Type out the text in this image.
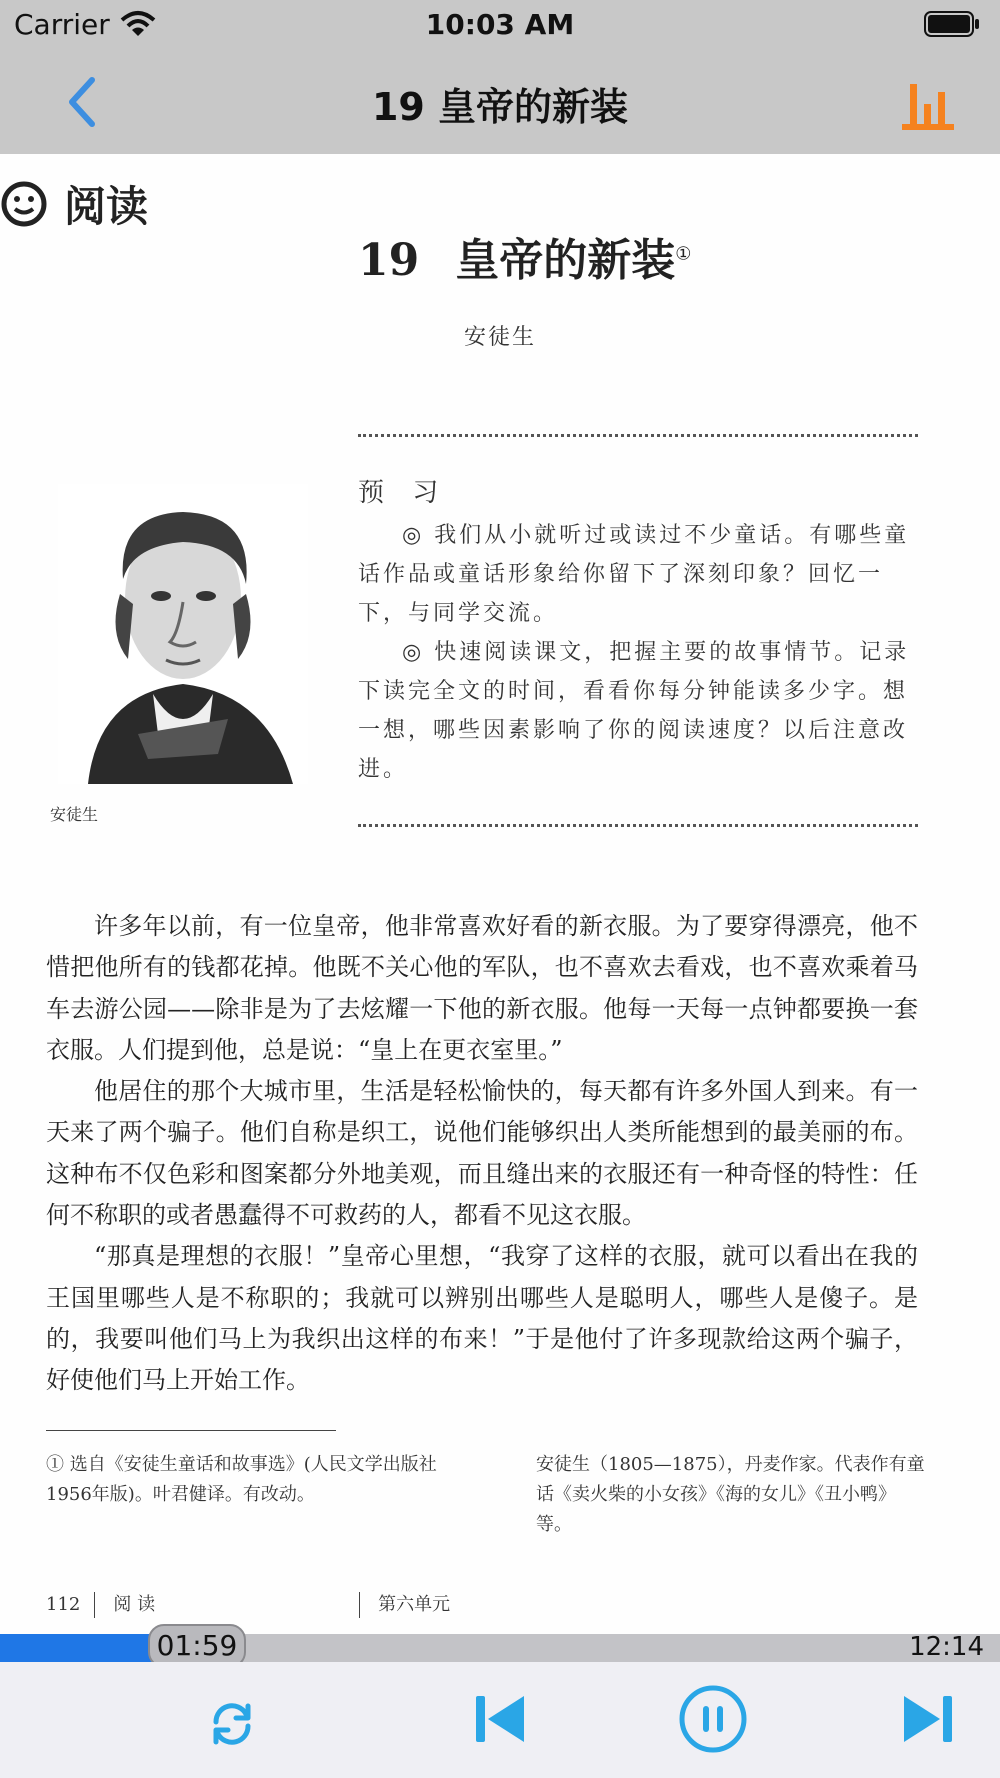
Carrier	10:03 AM
19 皇帝的新装
阅读
19 皇帝的新装①
安徒生
预 习

◎ 我们从小就听过或读过不少童话。有哪些童话作品或童话形象给你留下了深刻印象？回忆一下，与同学交流。

◎ 快速阅读课文，把握主要的故事情节。记录下读完全文的时间，看看你每分钟能读多少字。想一想，哪些因素影响了你的阅读速度？以后注意改进。

安徒生

许多年以前，有一位皇帝，他非常喜欢好看的新衣服。为了要穿得漂亮，他不惜把他所有的钱都花掉。他既不关心他的军队，也不喜欢去看戏，也不喜欢乘着马车去游公园——除非是为了去炫耀一下他的新衣服。他每一天每一点钟都要换一套衣服。人们提到他，总是说：“皇上在更衣室里。”

他居住的那个大城市里，生活是轻松愉快的，每天都有许多外国人到来。有一天来了两个骗子。他们自称是织工，说他们能够织出人类所能想到的最美丽的布。这种布不仅色彩和图案都分外地美观，而且缝出来的衣服还有一种奇怪的特性：任何不称职的或者愚蠢得不可救药的人，都看不见这衣服。

“那真是理想的衣服！”皇帝心里想，“我穿了这样的衣服，就可以看出在我的王国里哪些人是不称职的；我就可以辨别出哪些人是聪明人，哪些人是傻子。是的，我要叫他们马上为我织出这样的布来！”于是他付了许多现款给这两个骗子，好使他们马上开始工作。

① 选自《安徒生童话和故事选》(人民文学出版社1956年版)。叶君健译。有改动。
安徒生（1805—1875），丹麦作家。代表作有童话《卖火柴的小女孩》《海的女儿》《丑小鸭》等。
112 阅 读	第六单元
01:59	12:14
